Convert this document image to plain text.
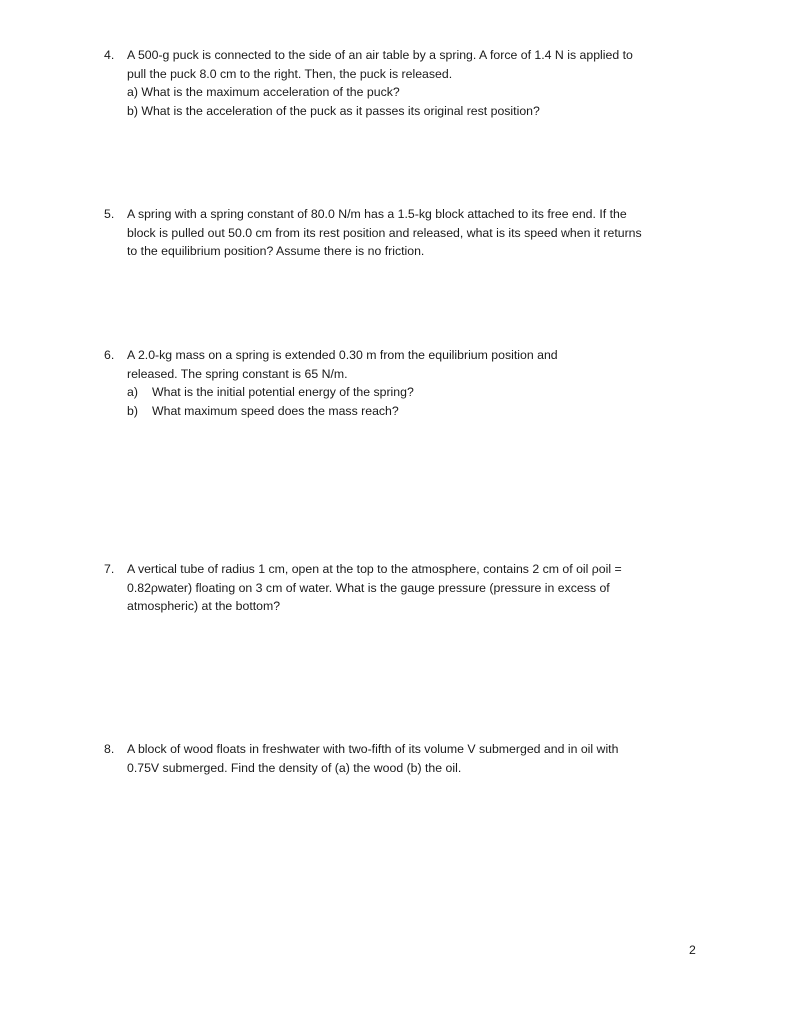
4. A 500-g puck is connected to the side of an air table by a spring. A force of 1.4 N is applied to
pull the puck 8.0 cm to the right. Then, the puck is released.
a) What is the maximum acceleration of the puck?
b) What is the acceleration of the puck as it passes its original rest position?
5. A spring with a spring constant of 80.0 N/m has a 1.5-kg block attached to its free end. If the
block is pulled out 50.0 cm from its rest position and released, what is its speed when it returns
to the equilibrium position? Assume there is no friction.
6. A 2.0-kg mass on a spring is extended 0.30 m from the equilibrium position and
released. The spring constant is 65 N/m.
a) What is the initial potential energy of the spring?
b) What maximum speed does the mass reach?
7. A vertical tube of radius 1 cm, open at the top to the atmosphere, contains 2 cm of oil ρoil =
0.82ρwater) floating on 3 cm of water. What is the gauge pressure (pressure in excess of
atmospheric) at the bottom?
8. A block of wood floats in freshwater with two-fifth of its volume V submerged and in oil with
0.75V submerged. Find the density of (a) the wood (b) the oil.
2
